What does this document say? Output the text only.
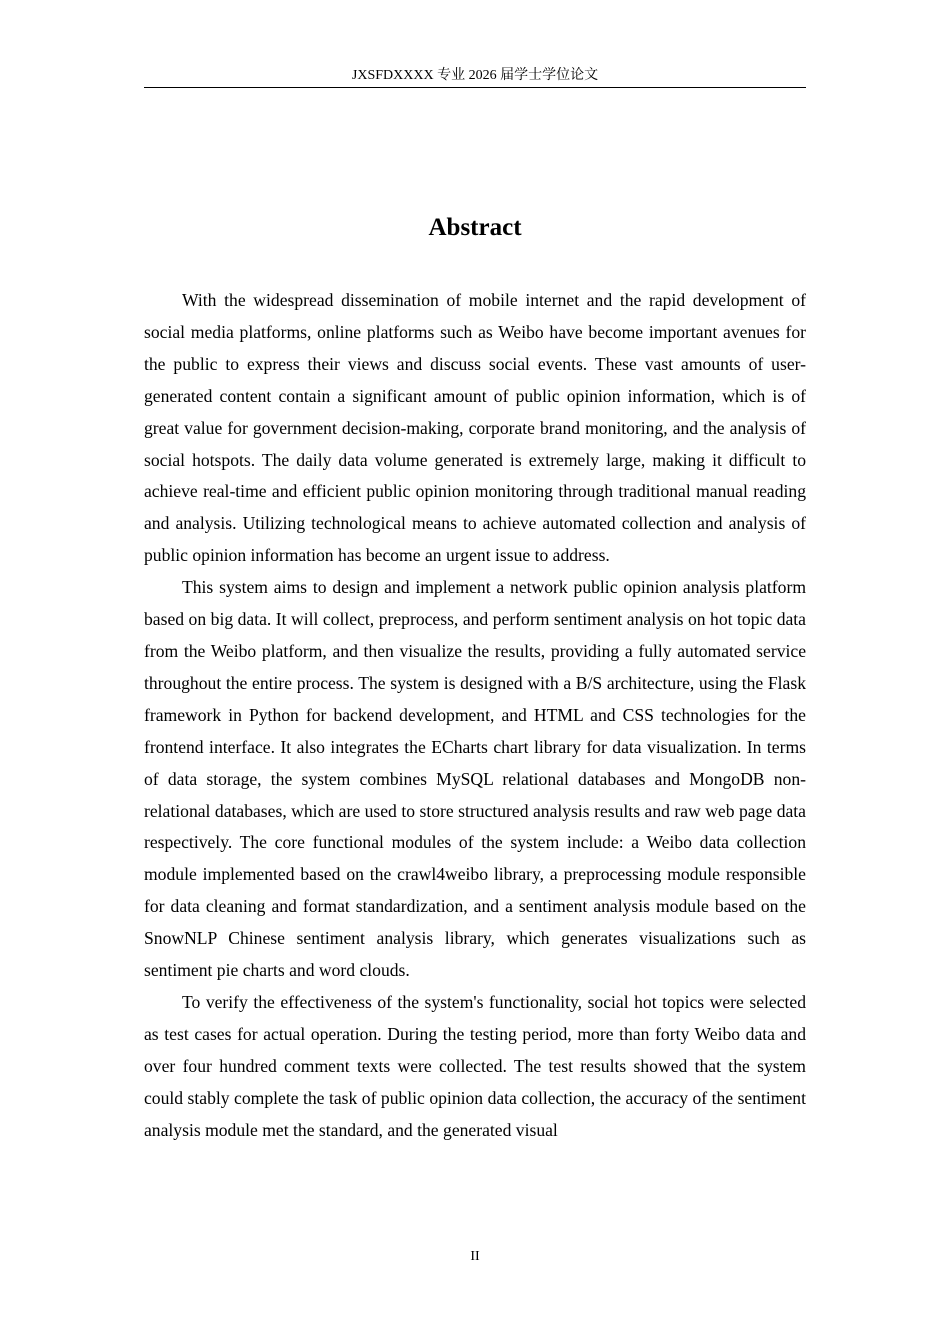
JXSFDXXXX 专业 2026 届学士学位论文
Abstract

With the widespread dissemination of mobile internet and the rapid development of social media platforms, online platforms such as Weibo have become important avenues for the public to express their views and discuss social events. These vast amounts of user-generated content contain a significant amount of public opinion information, which is of great value for government decision-making, corporate brand monitoring, and the analysis of social hotspots. The daily data volume generated is extremely large, making it difficult to achieve real-time and efficient public opinion monitoring through traditional manual reading and analysis. Utilizing technological means to achieve automated collection and analysis of public opinion information has become an urgent issue to address.

This system aims to design and implement a network public opinion analysis platform based on big data. It will collect, preprocess, and perform sentiment analysis on hot topic data from the Weibo platform, and then visualize the results, providing a fully automated service throughout the entire process. The system is designed with a B/S architecture, using the Flask framework in Python for backend development, and HTML and CSS technologies for the frontend interface. It also integrates the ECharts chart library for data visualization. In terms of data storage, the system combines MySQL relational databases and MongoDB non-relational databases, which are used to store structured analysis results and raw web page data respectively. The core functional modules of the system include: a Weibo data collection module implemented based on the crawl4weibo library, a preprocessing module responsible for data cleaning and format standardization, and a sentiment analysis module based on the SnowNLP Chinese sentiment analysis library, which generates visualizations such as sentiment pie charts and word clouds.

To verify the effectiveness of the system's functionality, social hot topics were selected as test cases for actual operation. During the testing period, more than forty Weibo data and over four hundred comment texts were collected. The test results showed that the system could stably complete the task of public opinion data collection, the accuracy of the sentiment analysis module met the standard, and the generated visual

II
